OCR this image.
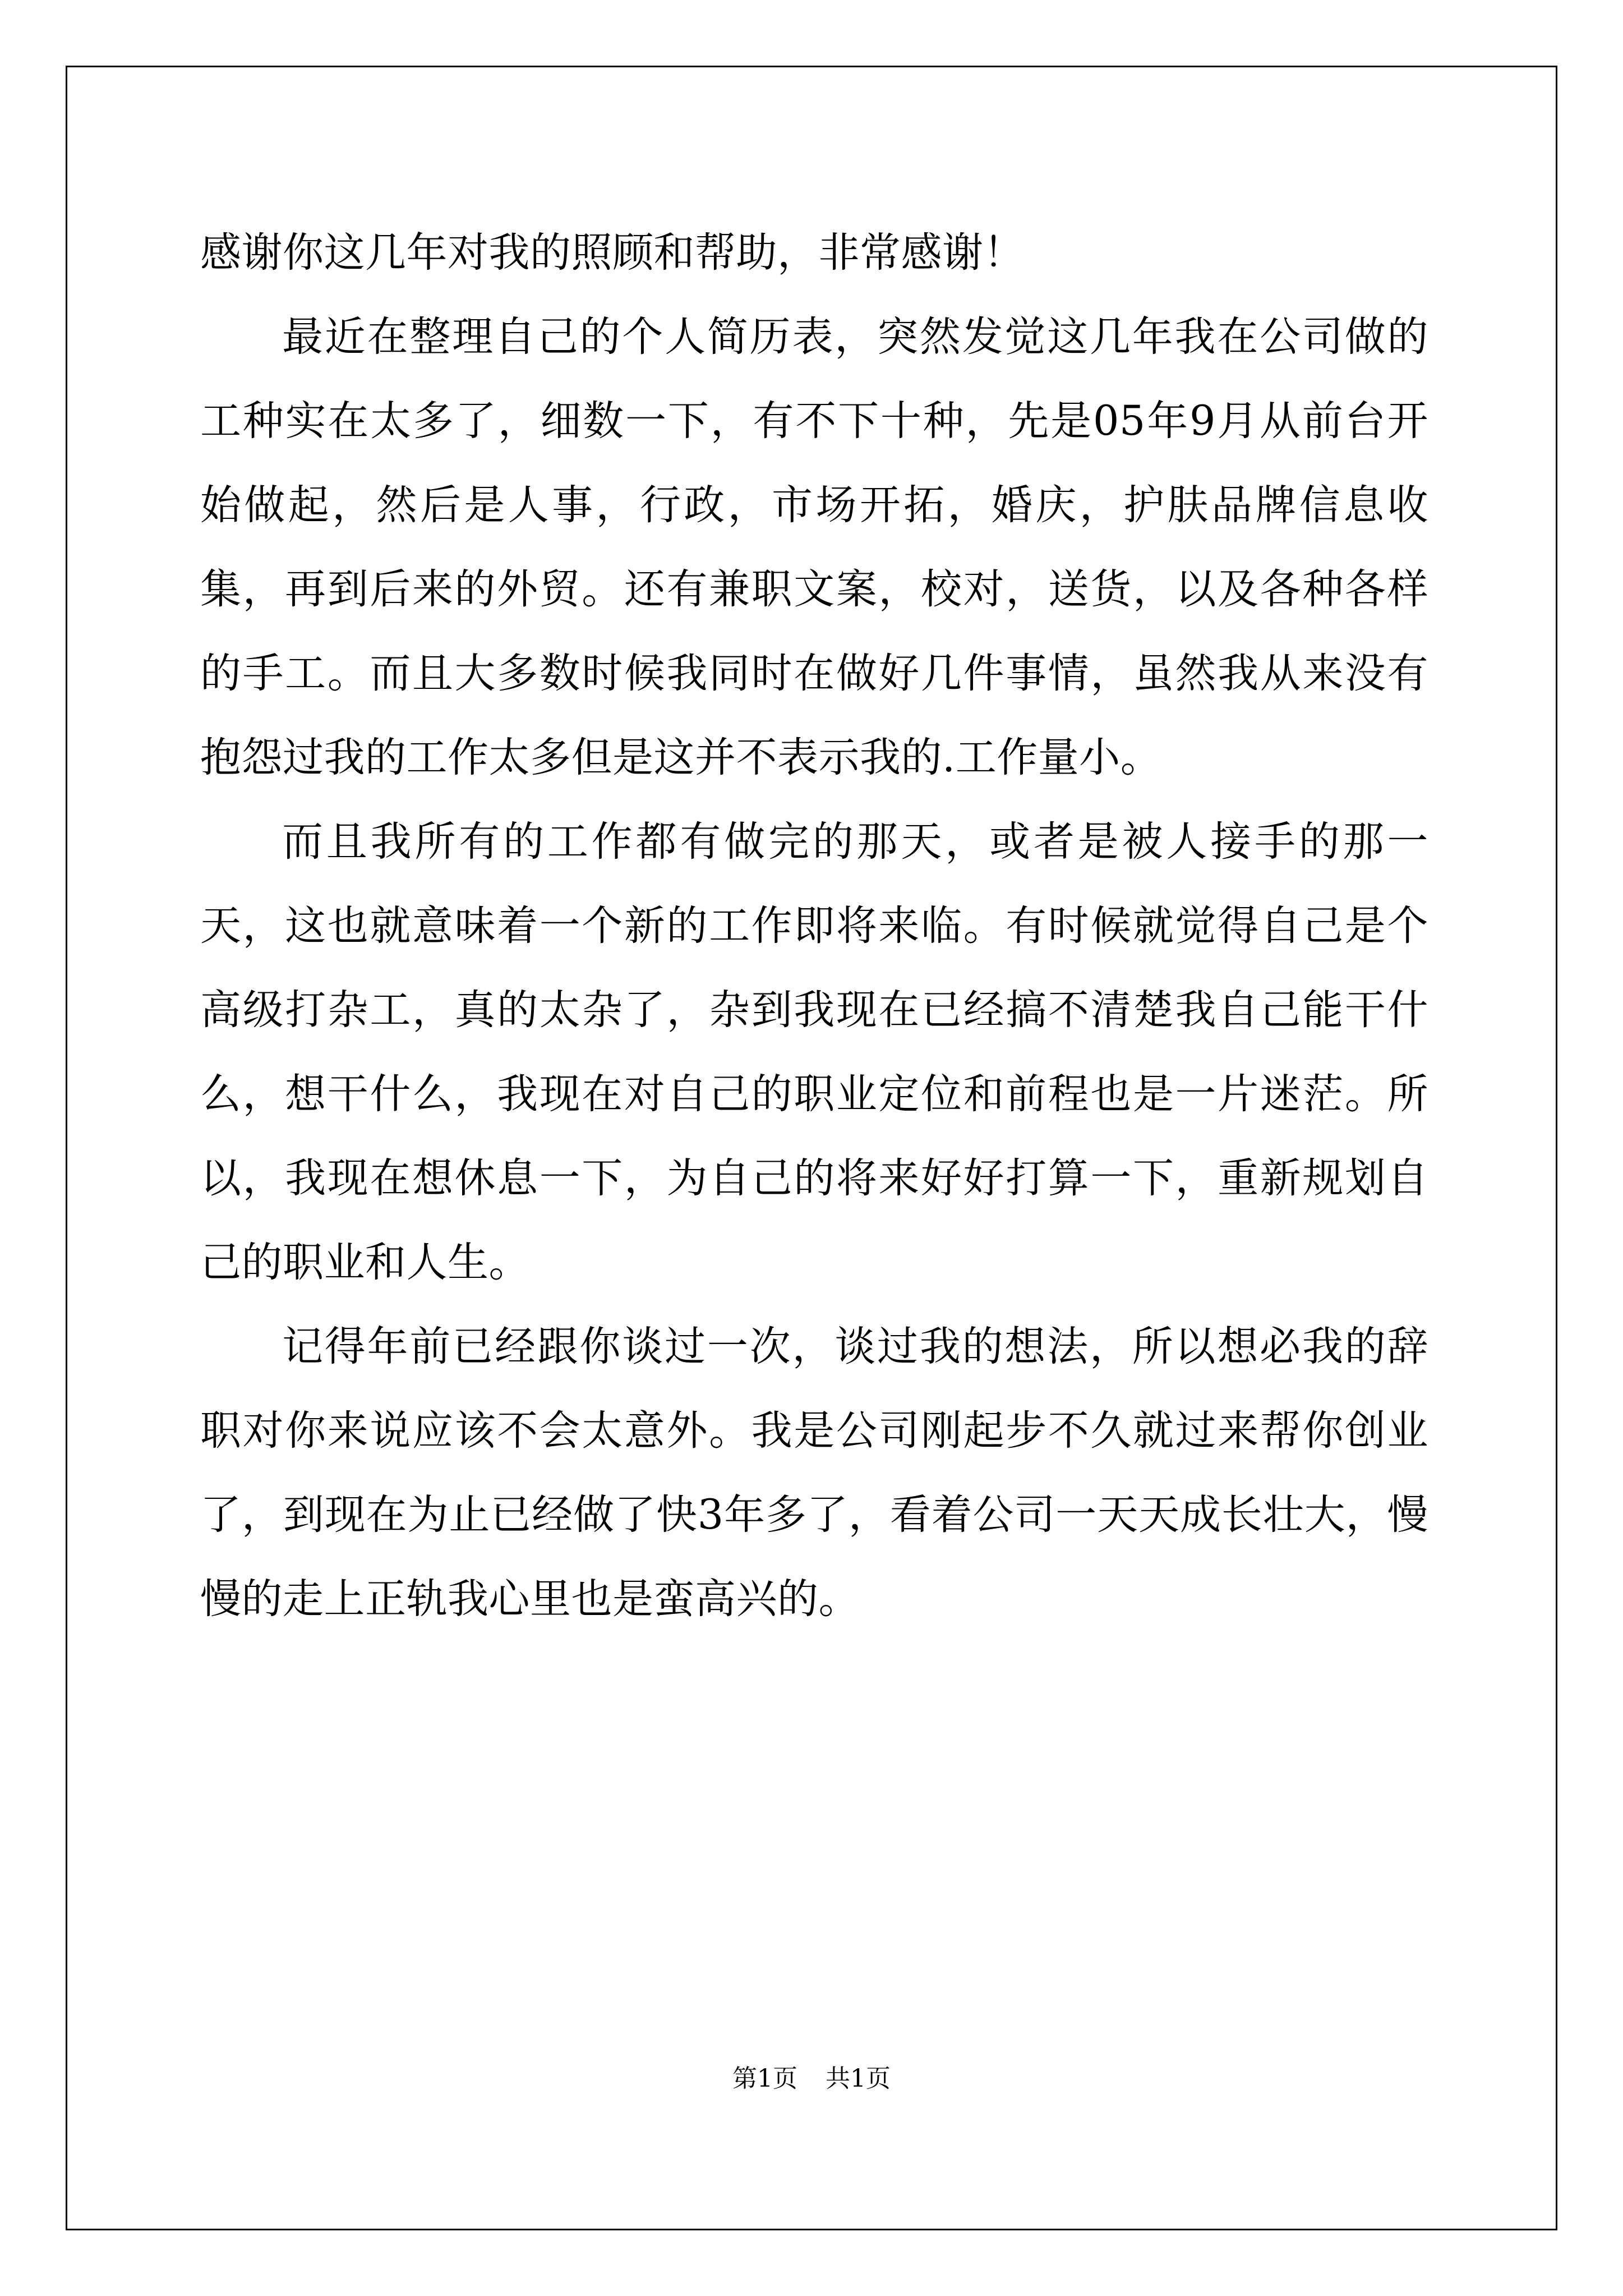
感谢你这几年对我的照顾和帮助，非常感谢！

最近在整理自己的个人简历表，突然发觉这几年我在公司做的工种实在太多了，细数一下，有不下十种，先是05年9月从前台开始做起，然后是人事，行政，市场开拓，婚庆，护肤品牌信息收集，再到后来的外贸。还有兼职文案，校对，送货，以及各种各样的手工。而且大多数时候我同时在做好几件事情，虽然我从来没有抱怨过我的工作太多但是这并不表示我的.工作量小。

而且我所有的工作都有做完的那天，或者是被人接手的那一天，这也就意味着一个新的工作即将来临。有时候就觉得自己是个高级打杂工，真的太杂了，杂到我现在已经搞不清楚我自己能干什么，想干什么，我现在对自己的职业定位和前程也是一片迷茫。所以，我现在想休息一下，为自己的将来好好打算一下，重新规划自己的职业和人生。

记得年前已经跟你谈过一次，谈过我的想法，所以想必我的辞职对你来说应该不会太意外。我是公司刚起步不久就过来帮你创业了，到现在为止已经做了快3年多了，看着公司一天天成长壮大，慢慢的走上正轨我心里也是蛮高兴的。

第1页 共1页
